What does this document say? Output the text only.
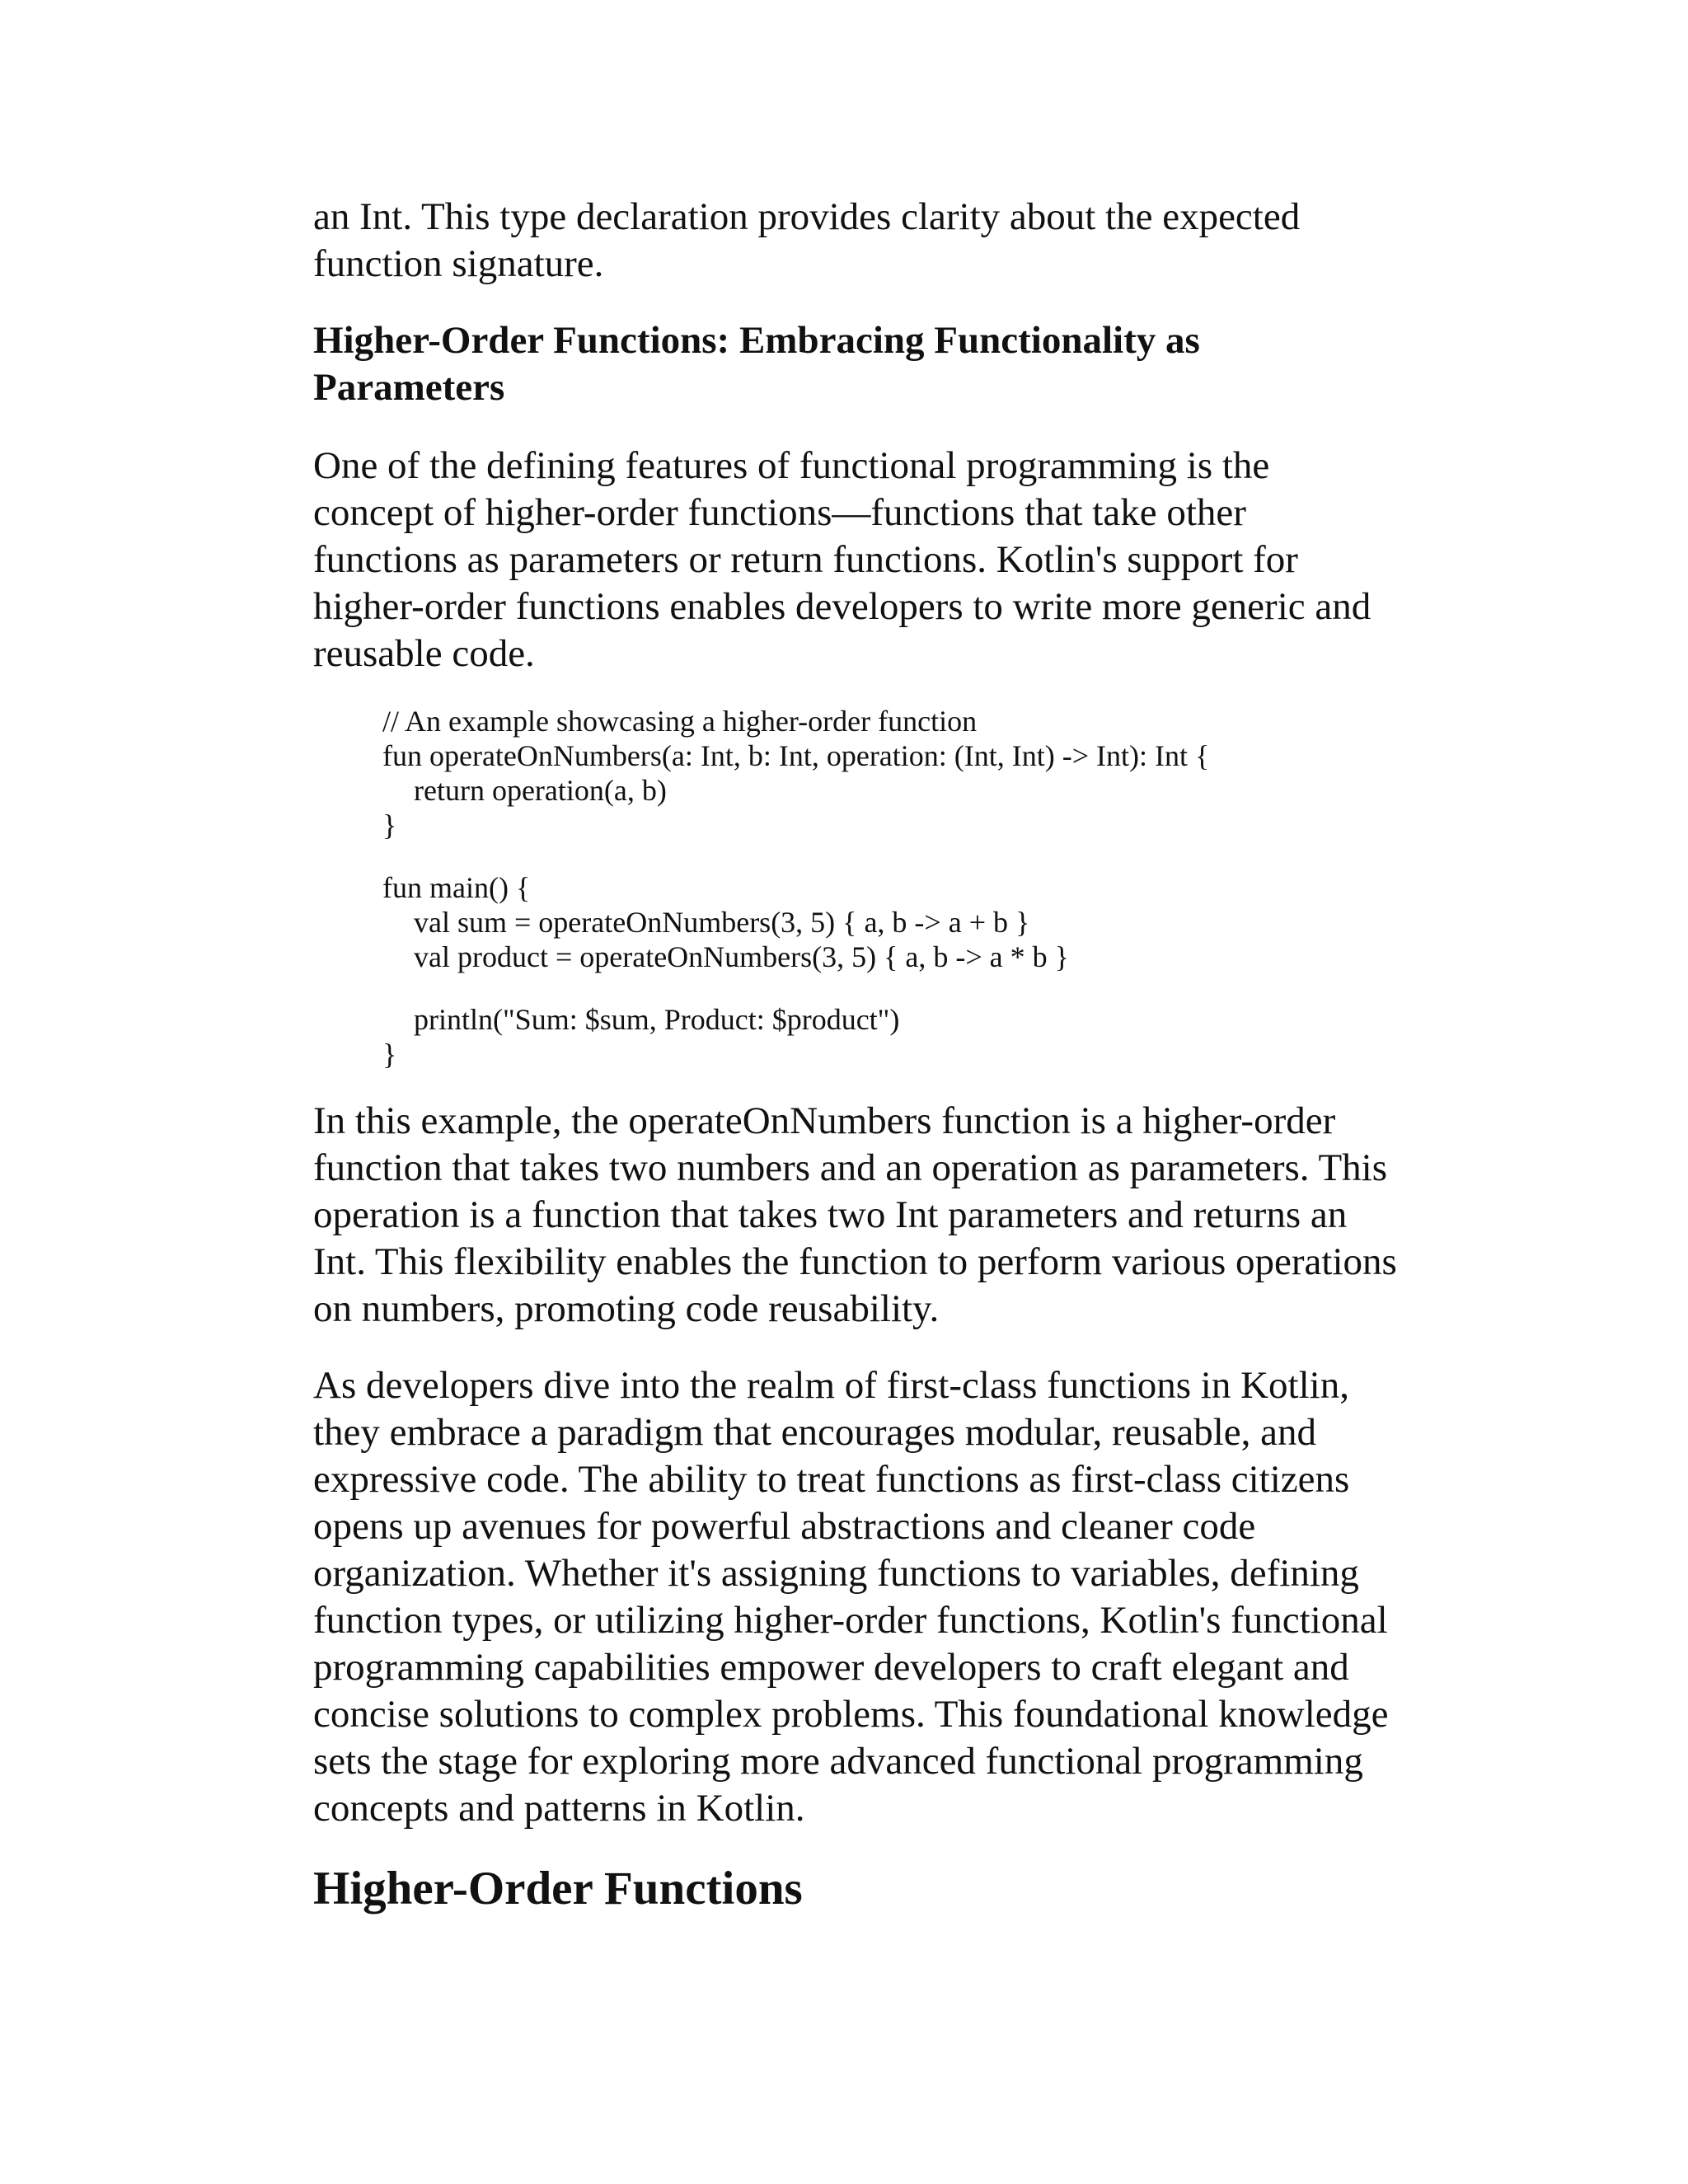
an Int. This type declaration provides clarity about the expected
function signature.

Higher-Order Functions: Embracing Functionality as
Parameters

One of the defining features of functional programming is the
concept of higher-order functions—functions that take other
functions as parameters or return functions. Kotlin's support for
higher-order functions enables developers to write more generic and
reusable code.

// An example showcasing a higher-order function
fun operateOnNumbers(a: Int, b: Int, operation: (Int, Int) -> Int): Int {
return operation(a, b)
}
fun main() {
val sum = operateOnNumbers(3, 5) { a, b -> a + b }
val product = operateOnNumbers(3, 5) { a, b -> a * b }
println("Sum: $sum, Product: $product")
}

In this example, the operateOnNumbers function is a higher-order
function that takes two numbers and an operation as parameters. This
operation is a function that takes two Int parameters and returns an
Int. This flexibility enables the function to perform various operations
on numbers, promoting code reusability.

As developers dive into the realm of first-class functions in Kotlin,
they embrace a paradigm that encourages modular, reusable, and
expressive code. The ability to treat functions as first-class citizens
opens up avenues for powerful abstractions and cleaner code
organization. Whether it's assigning functions to variables, defining
function types, or utilizing higher-order functions, Kotlin's functional
programming capabilities empower developers to craft elegant and
concise solutions to complex problems. This foundational knowledge
sets the stage for exploring more advanced functional programming
concepts and patterns in Kotlin.

Higher-Order Functions
